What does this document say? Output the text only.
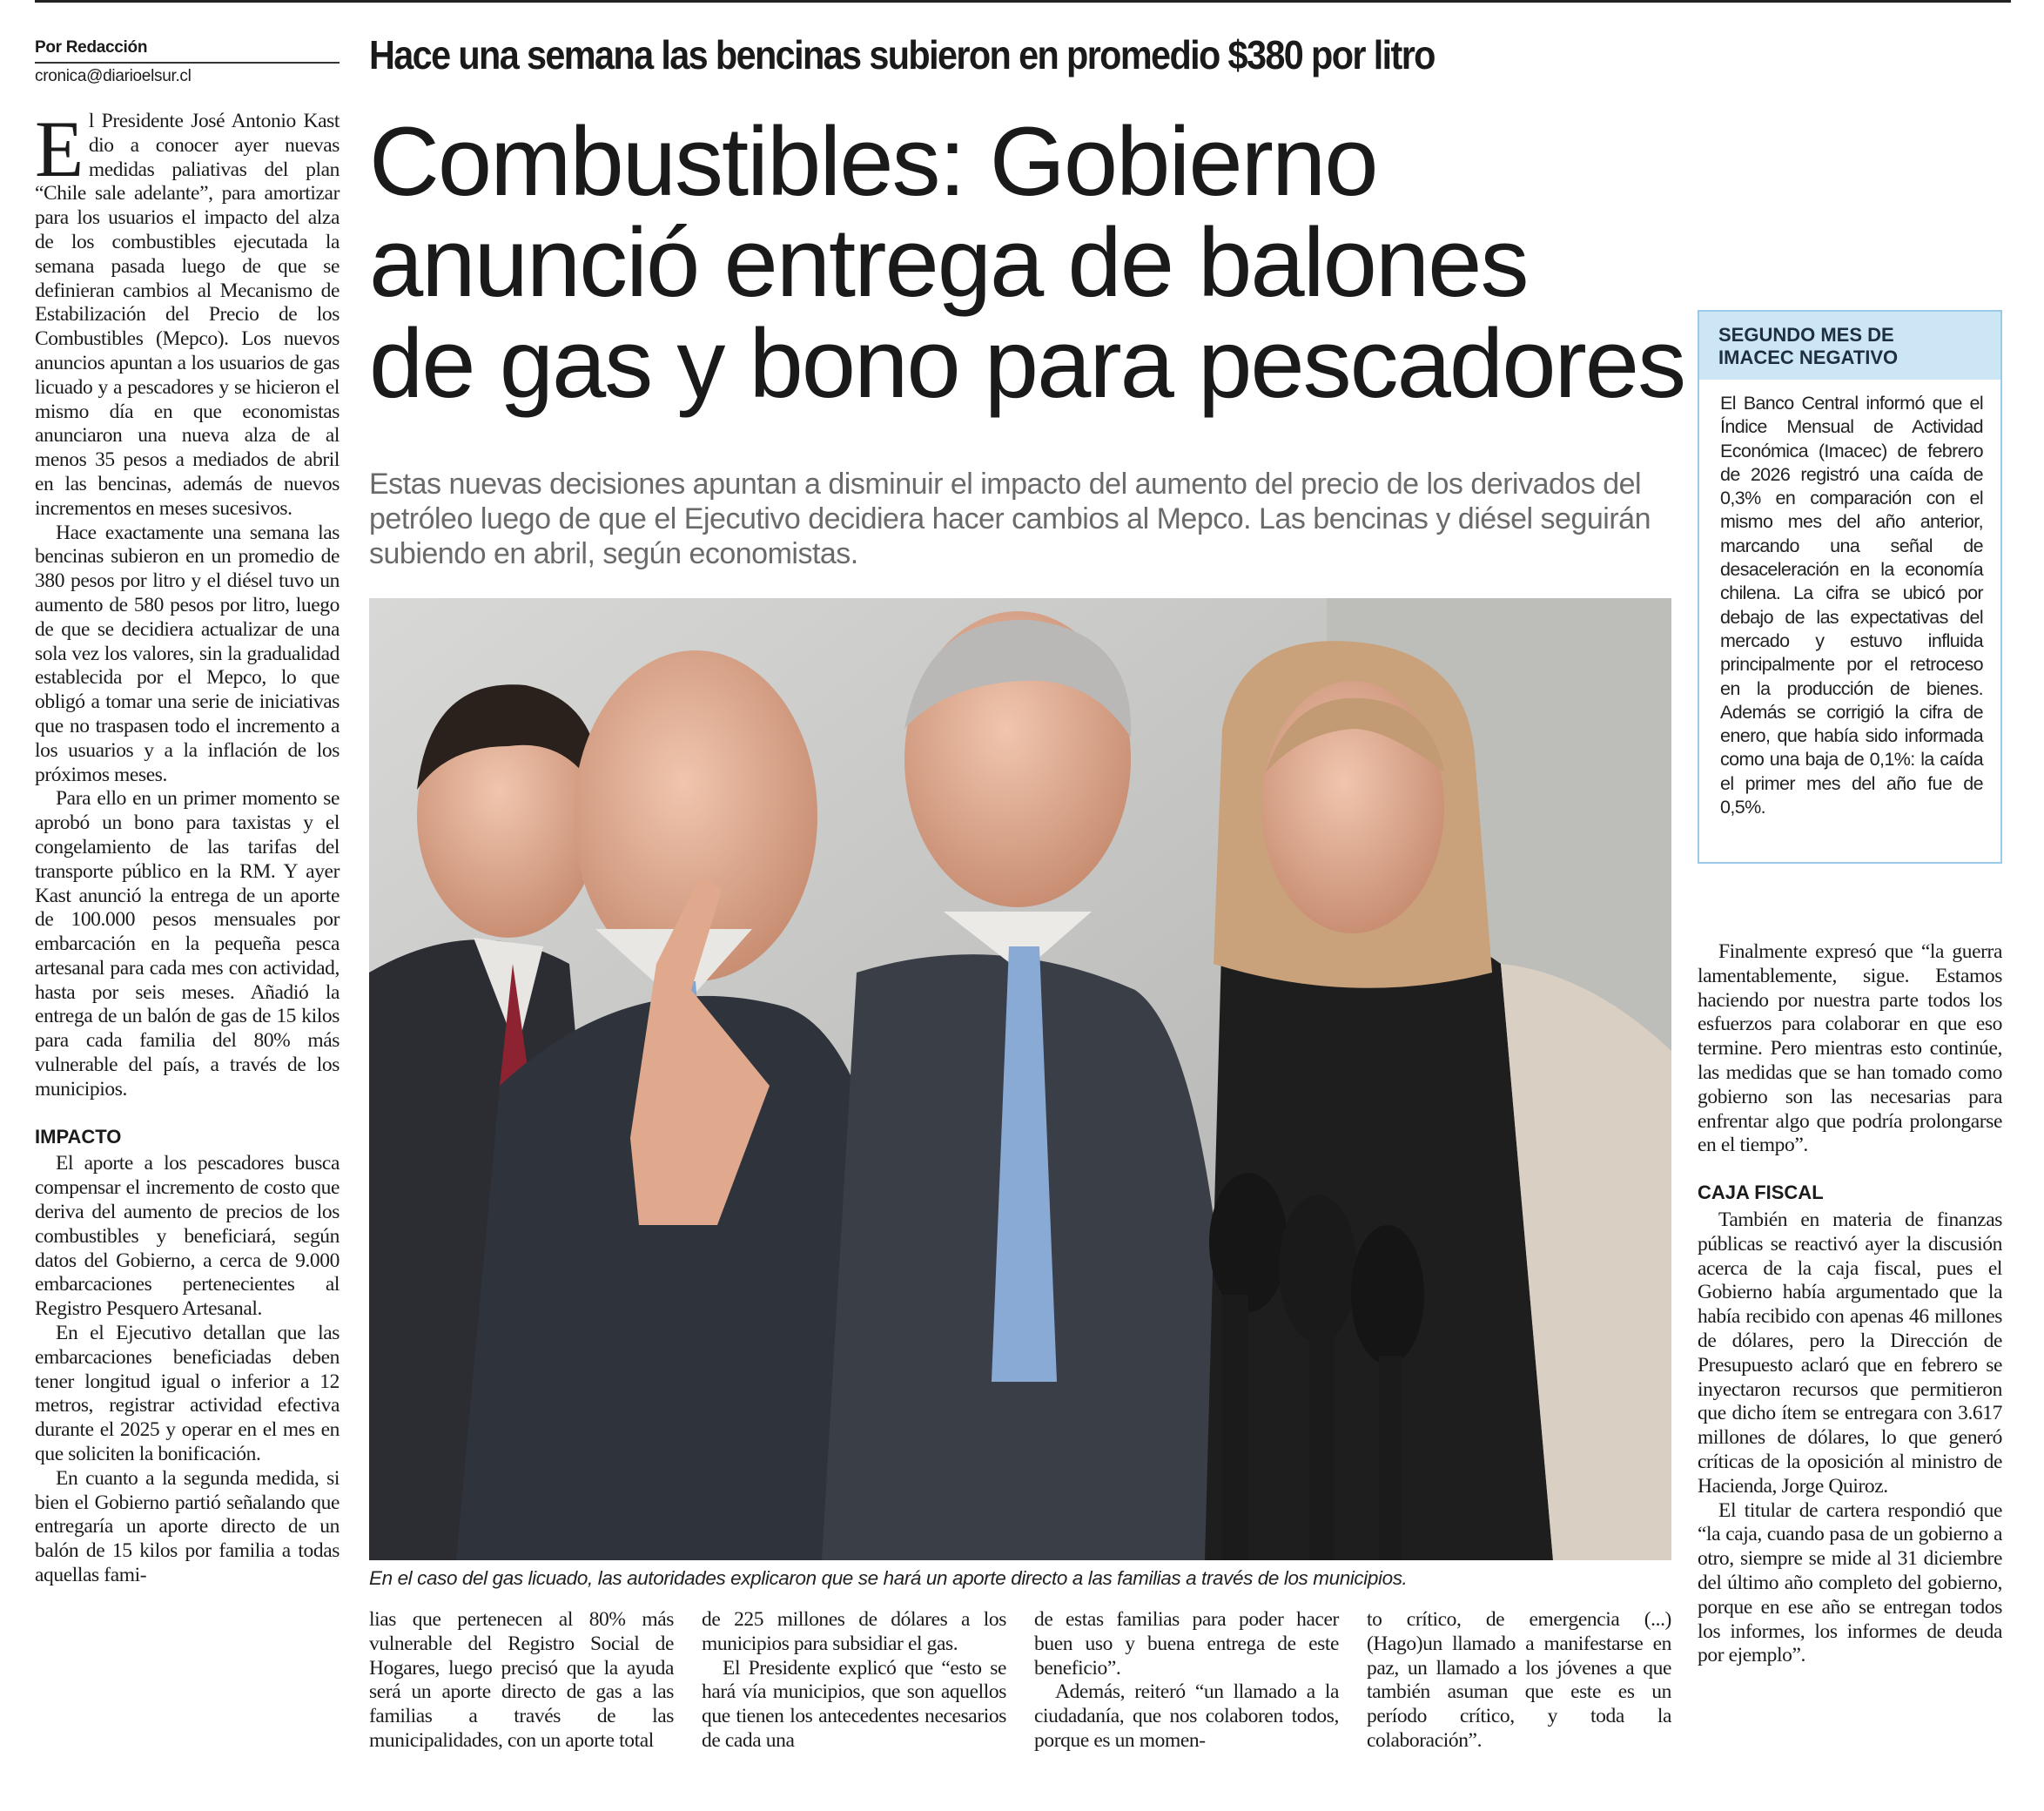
Por Redacción
cronica@diarioelsur.cl	Hace una semana las bencinas subieron en promedio $380 por litro
Combustibles: Gobierno
anunció entrega de balones
de gas y bono para pescadores
Estas nuevas decisiones apuntan a disminuir el impacto del aumento del precio de los derivados del petróleo luego de que el Ejecutivo decidiera hacer cambios al Mepco. Las bencinas y diésel seguirán subiendo en abril, según economistas.

El Presidente José Antonio Kast dio a conocer ayer nuevas medidas paliativas del plan “Chile sale adelante”, para amortizar para los usuarios el impacto del alza de los combustibles ejecutada la semana pasada luego de que se definieran cambios al Mecanismo de Estabilización del Precio de los Combustibles (Mepco). Los nuevos anuncios apuntan a los usuarios de gas licuado y a pescadores y se hicieron el mismo día en que economistas anunciaron una nueva alza de al menos 35 pesos a mediados de abril en las bencinas, además de nuevos incrementos en meses sucesivos.

Hace exactamente una semana las bencinas subieron en un promedio de 380 pesos por litro y el diésel tuvo un aumento de 580 pesos por litro, luego de que se decidiera actualizar de una sola vez los valores, sin la gradualidad establecida por el Mepco, lo que obligó a tomar una serie de iniciativas que no traspasen todo el incremento a los usuarios y a la inflación de los próximos meses.

Para ello en un primer momento se aprobó un bono para taxistas y el congelamiento de las tarifas del transporte público en la RM. Y ayer Kast anunció la entrega de un aporte de 100.000 pesos mensuales por embarcación en la pequeña pesca artesanal para cada mes con actividad, hasta por seis meses. Añadió la entrega de un balón de gas de 15 kilos para cada familia del 80% más vulnerable del país, a través de los municipios.

IMPACTO

El aporte a los pescadores busca compensar el incremento de costo que deriva del aumento de precios de los combustibles y beneficiará, según datos del Gobierno, a cerca de 9.000 embarcaciones pertenecientes al Registro Pesquero Artesanal.

En el Ejecutivo detallan que las embarcaciones beneficiadas deben tener longitud igual o inferior a 12 metros, registrar actividad efectiva durante el 2025 y operar en el mes en que soliciten la bonificación.

En cuanto a la segunda medida, si bien el Gobierno partió señalando que entregaría un aporte directo de un balón de 15 kilos por familia a todas aquellas fami-	En el caso del gas licuado, las autoridades explicaron que se hará un aporte directo a las familias a través de los municipios.

lias que pertenecen al 80% más vulnerable del Registro Social de Hogares, luego precisó que la ayuda será un aporte directo de gas a las familias a través de las municipalidades, con un aporte total

de 225 millones de dólares a los municipios para subsidiar el gas.

El Presidente explicó que “esto se hará vía municipios, que son aquellos que tienen los antecedentes necesarios de cada una

de estas familias para poder hacer buen uso y buena entrega de este beneficio”.

Además, reiteró “un llamado a la ciudadanía, que nos colaboren todos, porque es un momen-

to crítico, de emergencia (...) (Hago)un llamado a manifestarse en paz, un llamado a los jóvenes a que también asuman que este es un período crítico, y toda la colaboración”.

SEGUNDO MES DE
IMACEC NEGATIVO
El Banco Central informó que el Índice Mensual de Actividad Económica (Imacec) de febrero de 2026 registró una caída de 0,3% en comparación con el mismo mes del año anterior, marcando una señal de desaceleración en la economía chilena. La cifra se ubicó por debajo de las expectativas del mercado y estuvo influida principalmente por el retroceso en la producción de bienes. Además se corrigió la cifra de enero, que había sido informada como una baja de 0,1%: la caída el primer mes del año fue de 0,5%.

Finalmente expresó que “la guerra lamentablemente, sigue. Estamos haciendo por nuestra parte todos los esfuerzos para colaborar en que eso termine. Pero mientras esto continúe, las medidas que se han tomado como gobierno son las necesarias para enfrentar algo que podría prolongarse en el tiempo”.

CAJA FISCAL

También en materia de finanzas públicas se reactivó ayer la discusión acerca de la caja fiscal, pues el Gobierno había argumentado que la había recibido con apenas 46 millones de dólares, pero la Dirección de Presupuesto aclaró que en febrero se inyectaron recursos que permitieron que dicho ítem se entregara con 3.617 millones de dólares, lo que generó críticas de la oposición al ministro de Hacienda, Jorge Quiroz.

El titular de cartera respondió que “la caja, cuando pasa de un gobierno a otro, siempre se mide al 31 diciembre del último año completo del gobierno, porque en ese año se entregan todos los informes, los informes de deuda por ejemplo”.
